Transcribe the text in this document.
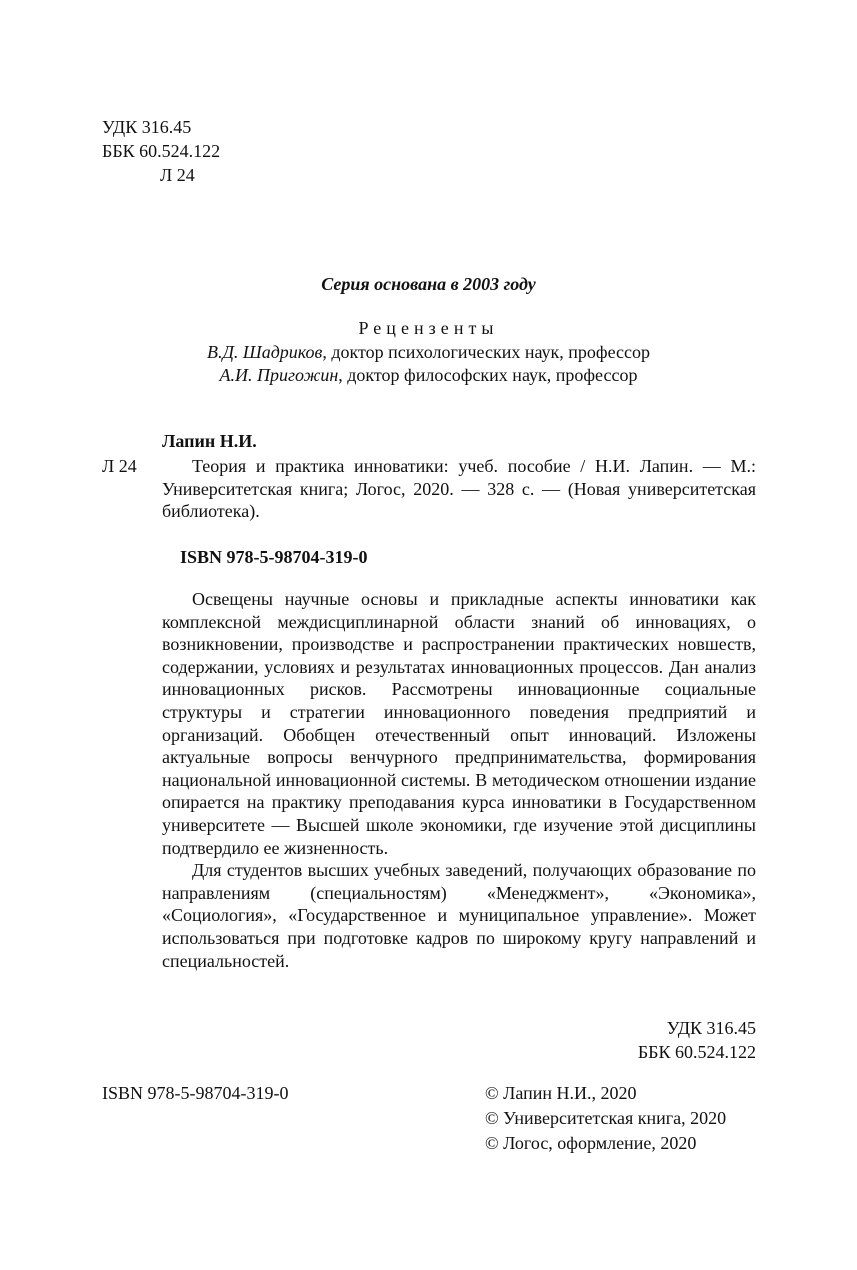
УДК 316.45
ББК 60.524.122
Л 24
Серия основана в 2003 году
Рецензенты
В.Д. Шадриков, доктор психологических наук, профессор
А.И. Пригожин, доктор философских наук, профессор
Лапин Н.И.
Л 24	Теория и практика инноватики: учеб. пособие / Н.И. Лапин. — М.: Университетская книга; Логос, 2020. — 328 с. — (Новая университетская библиотека).
ISBN 978-5-98704-319-0

Освещены научные основы и прикладные аспекты инноватики как комплексной междисциплинарной области знаний об инновациях, о возникновении, производстве и распространении практических новшеств, содержании, условиях и результатах инновационных процессов. Дан анализ инновационных рисков. Рассмотрены инновационные социальные структуры и стратегии инновационного поведения предприятий и организаций. Обобщен отечественный опыт инноваций. Изложены актуальные вопросы венчурного предпринимательства, формирования национальной инновационной системы. В методическом отношении издание опирается на практику преподавания курса инноватики в Государственном университете — Высшей школе экономики, где изучение этой дисциплины подтвердило ее жизненность.

Для студентов высших учебных заведений, получающих образование по направлениям (специальностям) «Менеджмент», «Экономика», «Социология», «Государственное и муниципальное управление». Может использоваться при подготовке кадров по широкому кругу направлений и специальностей.

УДК 316.45
ББК 60.524.122
ISBN 978-5-98704-319-0	© Лапин Н.И., 2020
© Университетская книга, 2020
© Логос, оформление, 2020
